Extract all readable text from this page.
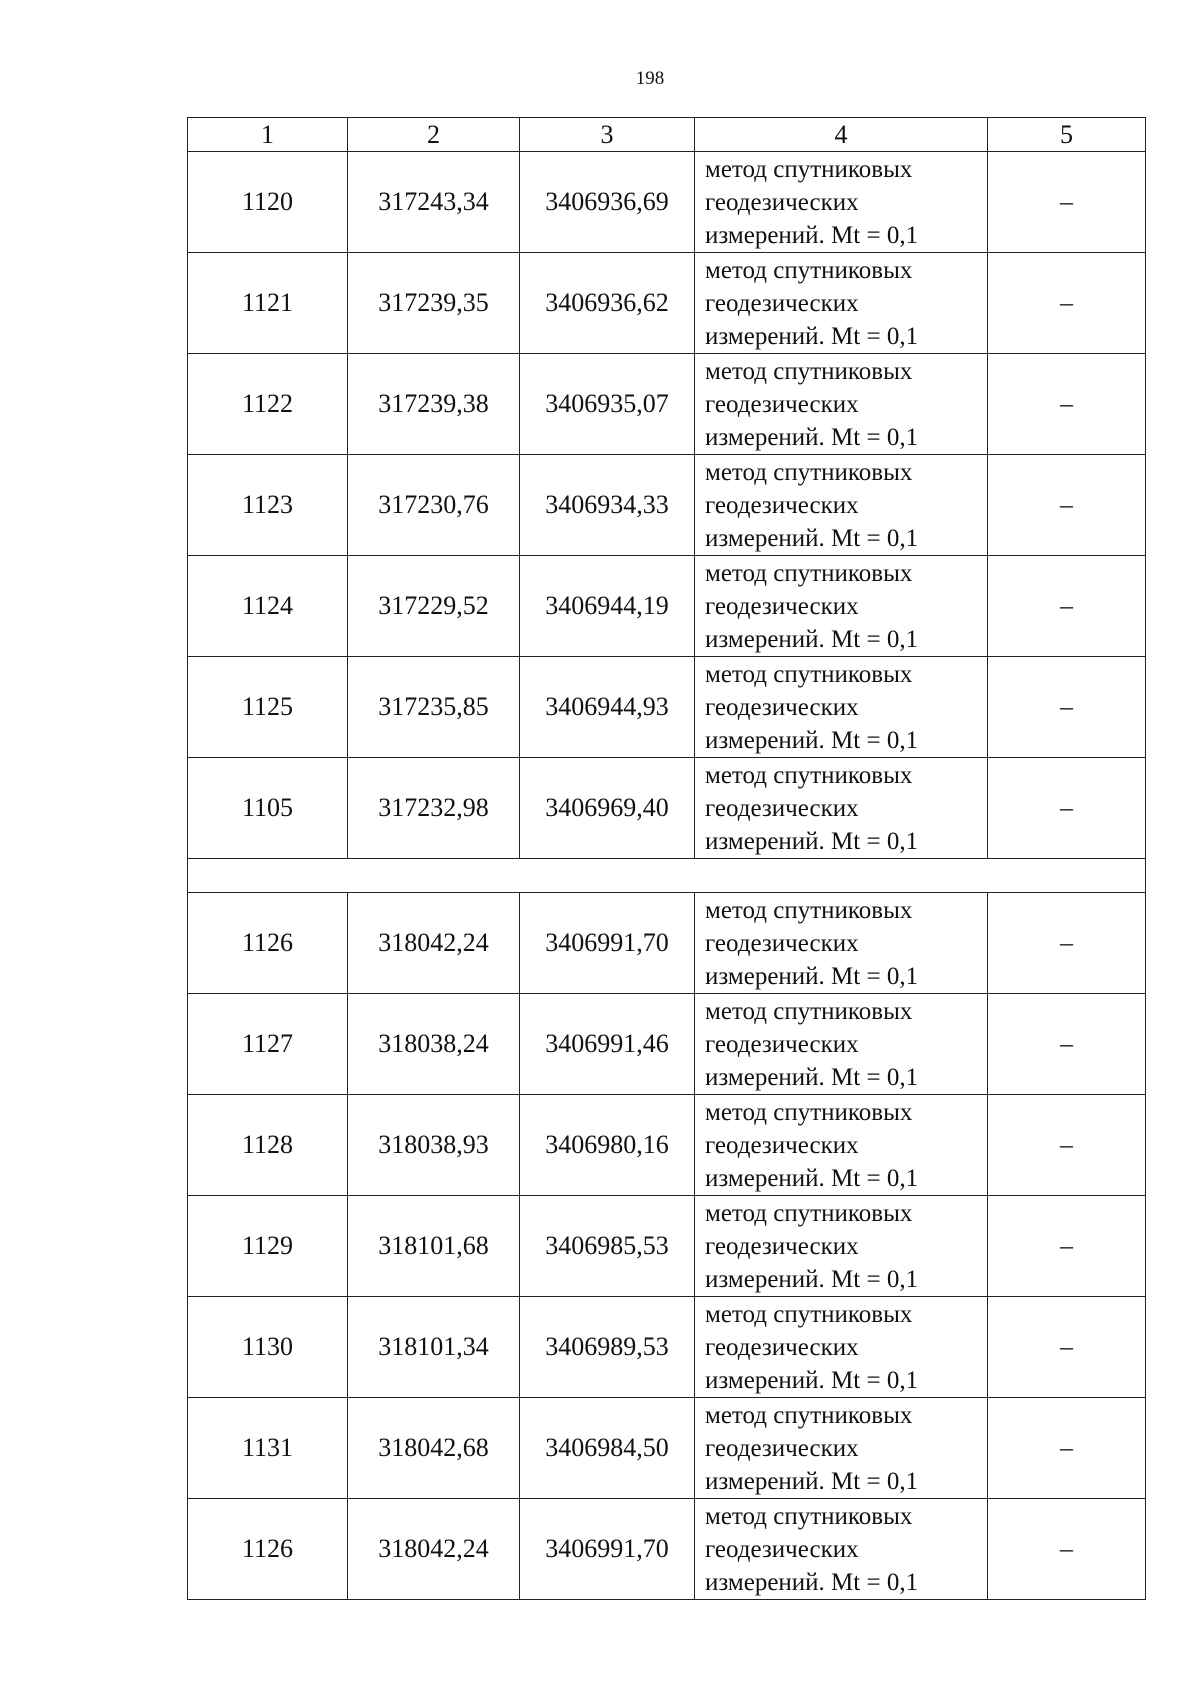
198
1	2	3	4	5
1120	317243,34	3406936,69	метод спутниковых
геодезических
измерений. Mt = 0,1	–
1121	317239,35	3406936,62	метод спутниковых
геодезических
измерений. Mt = 0,1	–
1122	317239,38	3406935,07	метод спутниковых
геодезических
измерений. Mt = 0,1	–
1123	317230,76	3406934,33	метод спутниковых
геодезических
измерений. Mt = 0,1	–
1124	317229,52	3406944,19	метод спутниковых
геодезических
измерений. Mt = 0,1	–
1125	317235,85	3406944,93	метод спутниковых
геодезических
измерений. Mt = 0,1	–
1105	317232,98	3406969,40	метод спутниковых
геодезических
измерений. Mt = 0,1	–

1126	318042,24	3406991,70	метод спутниковых
геодезических
измерений. Mt = 0,1	–
1127	318038,24	3406991,46	метод спутниковых
геодезических
измерений. Mt = 0,1	–
1128	318038,93	3406980,16	метод спутниковых
геодезических
измерений. Mt = 0,1	–
1129	318101,68	3406985,53	метод спутниковых
геодезических
измерений. Mt = 0,1	–
1130	318101,34	3406989,53	метод спутниковых
геодезических
измерений. Mt = 0,1	–
1131	318042,68	3406984,50	метод спутниковых
геодезических
измерений. Mt = 0,1	–
1126	318042,24	3406991,70	метод спутниковых
геодезических
измерений. Mt = 0,1	–
